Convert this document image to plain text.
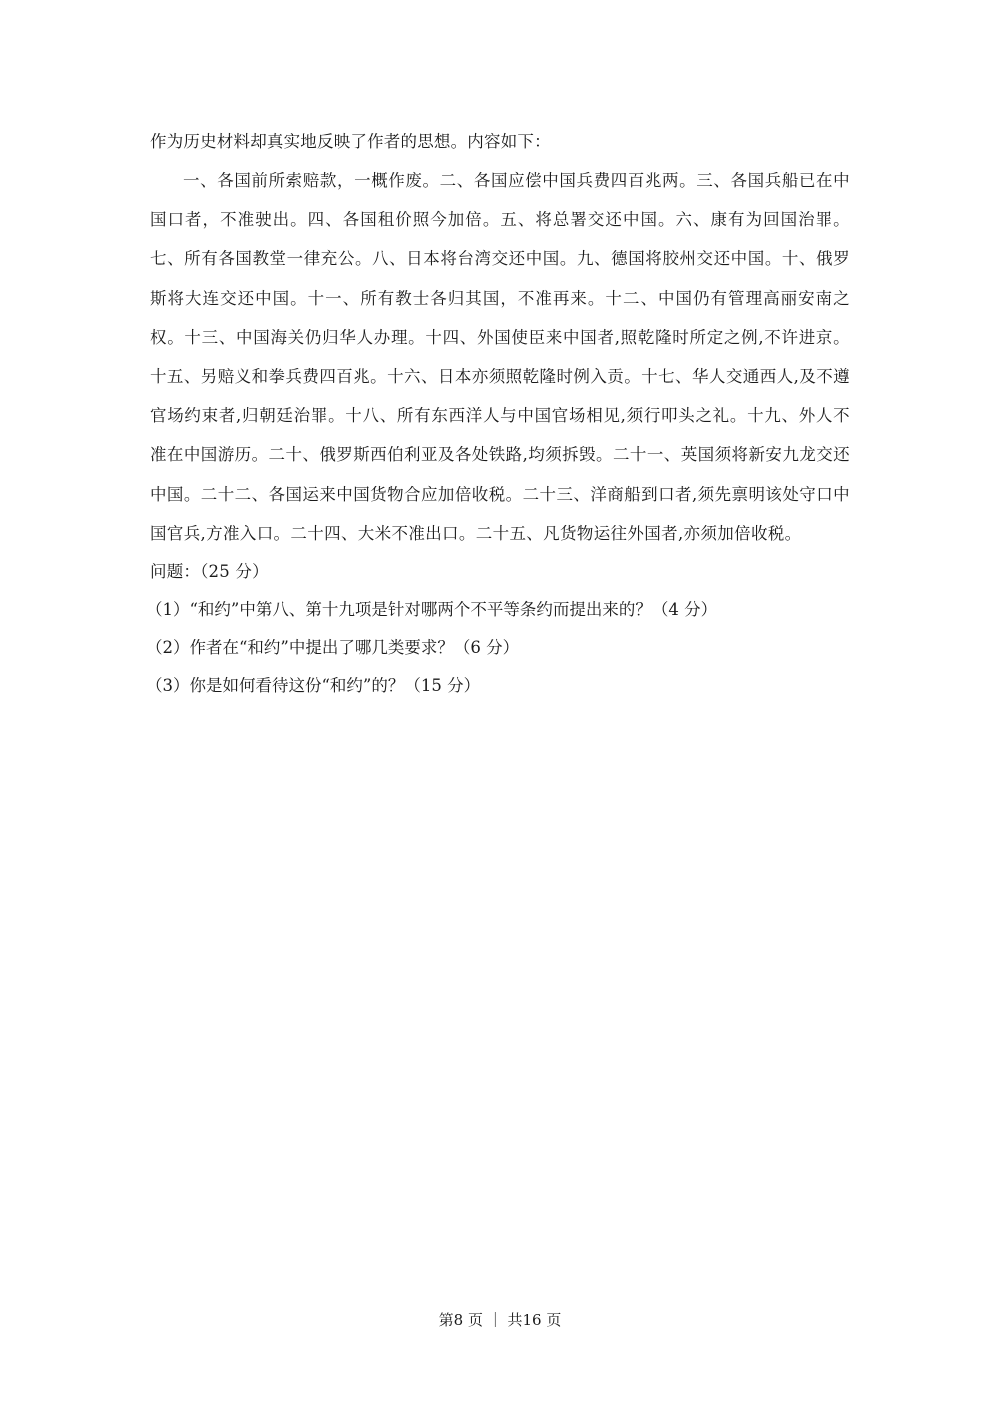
作为历史材料却真实地反映了作者的思想。内容如下：

一、各国前所索赔款，一概作废。二、各国应偿中国兵费四百兆两。三、各国兵船已在中国口者，不准驶出。四、各国租价照今加倍。五、将总署交还中国。六、康有为回国治罪。七、所有各国教堂一律充公。八、日本将台湾交还中国。九、德国将胶州交还中国。十、俄罗斯将大连交还中国。十一、所有教士各归其国，不准再来。十二、中国仍有管理高丽安南之权。十三、中国海关仍归华人办理。十四、外国使臣来中国者,照乾隆时所定之例,不许进京。十五、另赔义和拳兵费四百兆。十六、日本亦须照乾隆时例入贡。十七、华人交通西人,及不遵官场约束者,归朝廷治罪。十八、所有东西洋人与中国官场相见,须行叩头之礼。十九、外人不准在中国游历。二十、俄罗斯西伯利亚及各处铁路,均须拆毁。二十一、英国须将新安九龙交还中国。二十二、各国运来中国货物合应加倍收税。二十三、洋商船到口者,须先禀明该处守口中国官兵,方准入口。二十四、大米不准出口。二十五、凡货物运往外国者,亦须加倍收税。

问题：（25 分）
（1）“和约”中第八、第十九项是针对哪两个不平等条约而提出来的？（4 分）
（2）作者在“和约”中提出了哪几类要求？（6 分）
（3）你是如何看待这份“和约”的？（15 分）
第8 页 ｜ 共16 页
